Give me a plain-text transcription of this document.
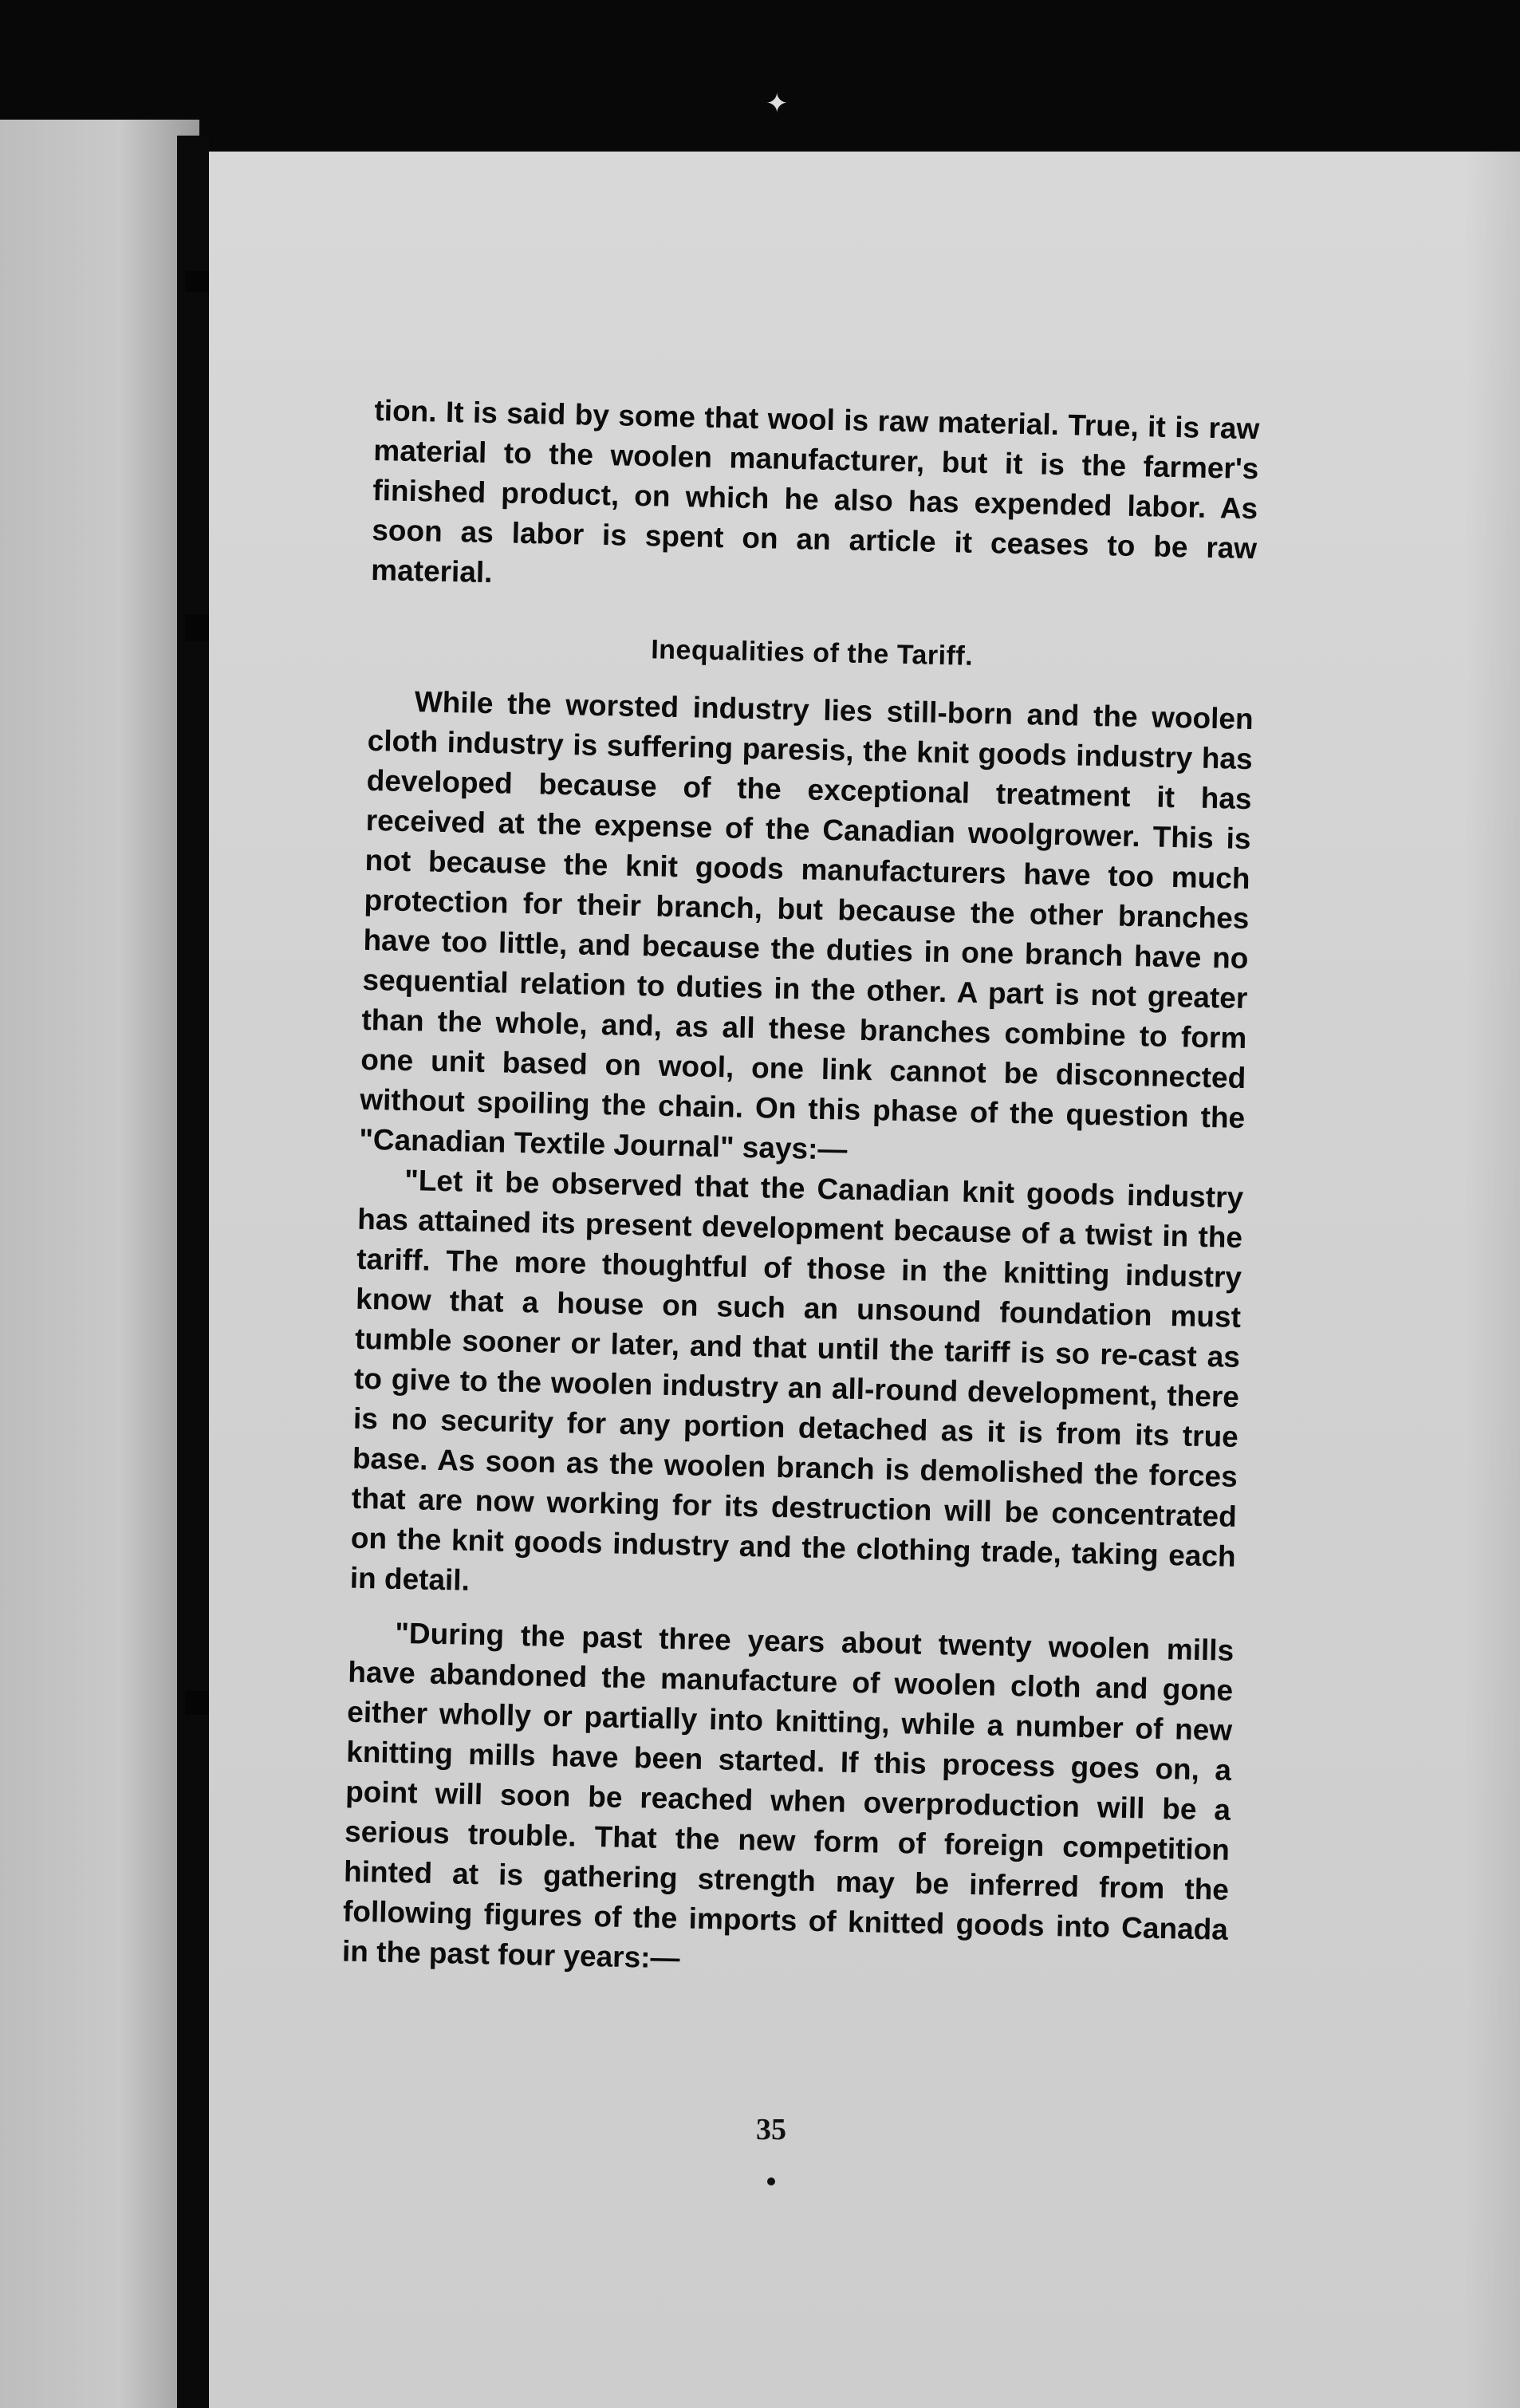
✦

tion. It is said by some that wool is raw material. True, it is raw material to the woolen manufacturer, but it is the farmer's finished product, on which he also has expended labor. As soon as labor is spent on an article it ceases to be raw material.

Inequalities of the Tariff.

While the worsted industry lies still-born and the woolen cloth industry is suffering paresis, the knit goods industry has developed because of the exceptional treatment it has received at the expense of the Canadian woolgrower. This is not because the knit goods manufacturers have too much protection for their branch, but because the other branches have too little, and because the duties in one branch have no sequential relation to duties in the other. A part is not greater than the whole, and, as all these branches combine to form one unit based on wool, one link cannot be disconnected without spoiling the chain. On this phase of the question the "Canadian Textile Journal" says:—

"Let it be observed that the Canadian knit goods industry has attained its present development because of a twist in the tariff. The more thoughtful of those in the knitting industry know that a house on such an unsound foundation must tumble sooner or later, and that until the tariff is so re-cast as to give to the woolen industry an all-round development, there is no security for any portion detached as it is from its true base. As soon as the woolen branch is demolished the forces that are now working for its destruction will be concentrated on the knit goods industry and the clothing trade, taking each in detail.

"During the past three years about twenty woolen mills have abandoned the manufacture of woolen cloth and gone either wholly or partially into knitting, while a number of new knitting mills have been started. If this process goes on, a point will soon be reached when overproduction will be a serious trouble. That the new form of foreign competition hinted at is gathering strength may be inferred from the following figures of the imports of knitted goods into Canada in the past four years:—

35
